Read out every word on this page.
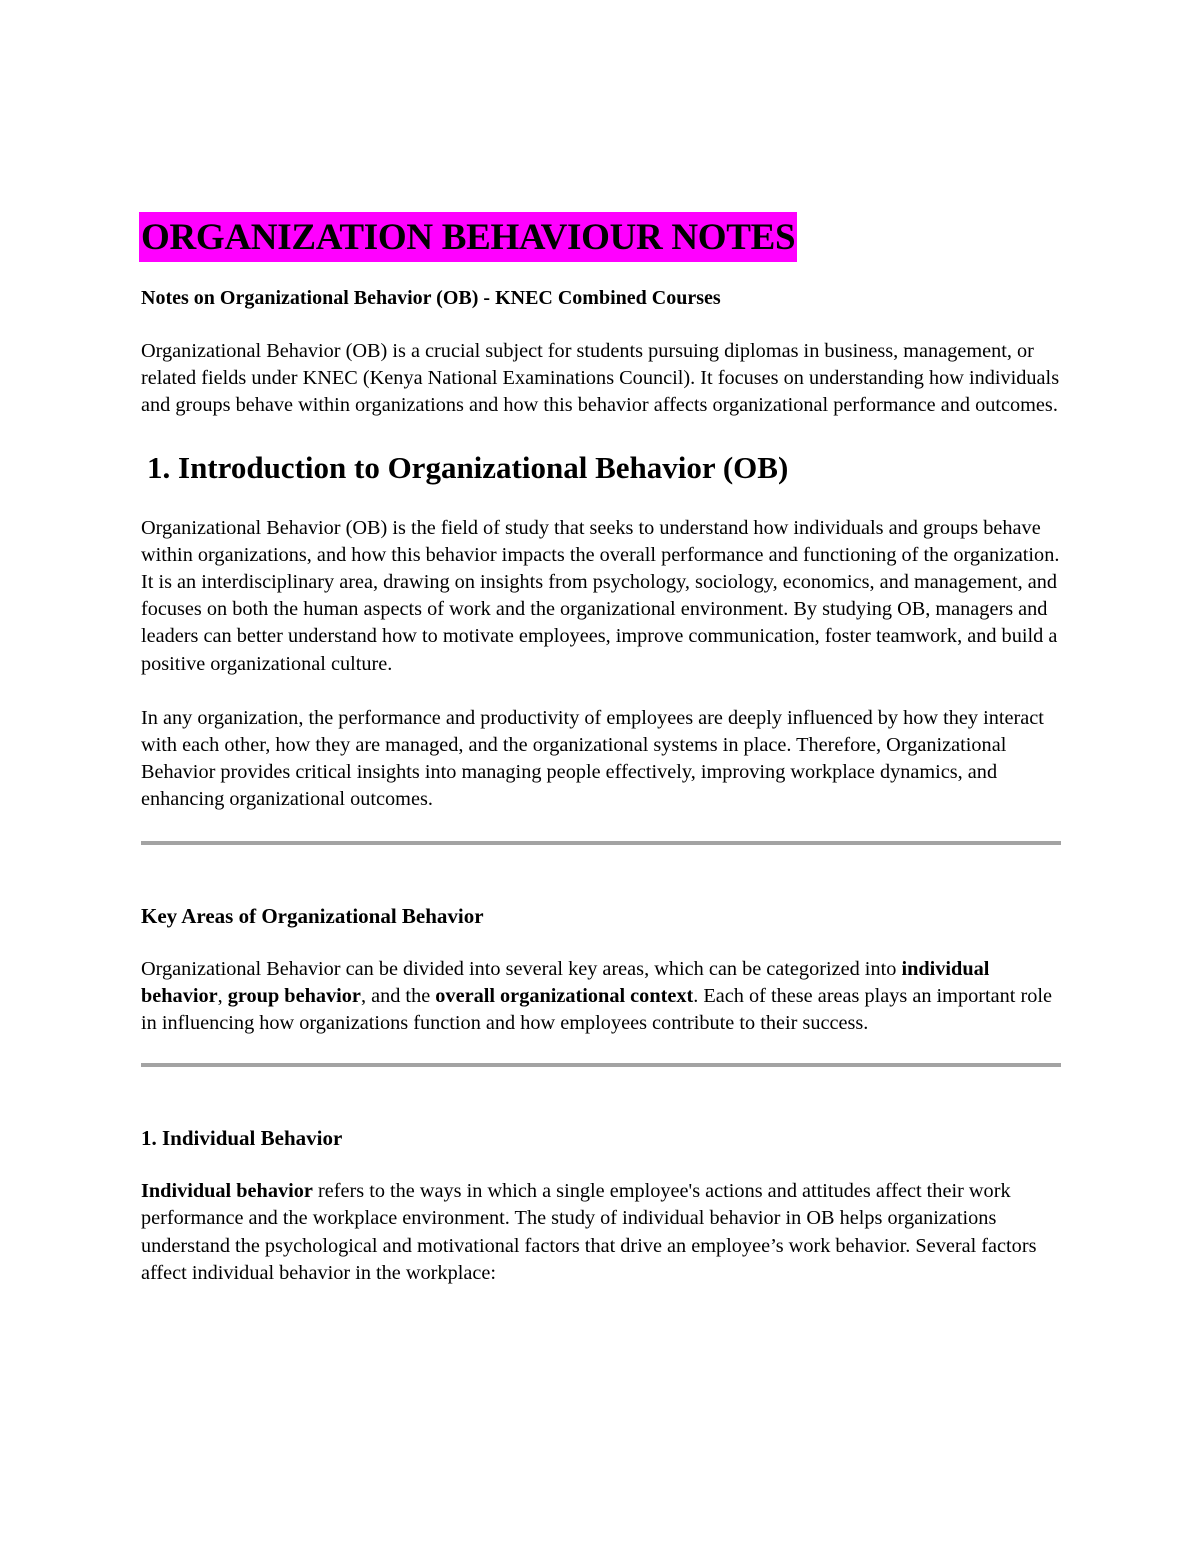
ORGANIZATION BEHAVIOUR NOTES
Notes on Organizational Behavior (OB) - KNEC Combined Courses

Organizational Behavior (OB) is a crucial subject for students pursuing diplomas in business, management, or related fields under KNEC (Kenya National Examinations Council). It focuses on understanding how individuals and groups behave within organizations and how this behavior affects organizational performance and outcomes.

1. Introduction to Organizational Behavior (OB)

Organizational Behavior (OB) is the field of study that seeks to understand how individuals and groups behave within organizations, and how this behavior impacts the overall performance and functioning of the organization. It is an interdisciplinary area, drawing on insights from psychology, sociology, economics, and management, and focuses on both the human aspects of work and the organizational environment. By studying OB, managers and leaders can better understand how to motivate employees, improve communication, foster teamwork, and build a positive organizational culture.

In any organization, the performance and productivity of employees are deeply influenced by how they interact with each other, how they are managed, and the organizational systems in place. Therefore, Organizational Behavior provides critical insights into managing people effectively, improving workplace dynamics, and enhancing organizational outcomes.

Key Areas of Organizational Behavior

Organizational Behavior can be divided into several key areas, which can be categorized into individual behavior, group behavior, and the overall organizational context. Each of these areas plays an important role in influencing how organizations function and how employees contribute to their success.

1. Individual Behavior

Individual behavior refers to the ways in which a single employee's actions and attitudes affect their work performance and the workplace environment. The study of individual behavior in OB helps organizations understand the psychological and motivational factors that drive an employee’s work behavior. Several factors affect individual behavior in the workplace:
